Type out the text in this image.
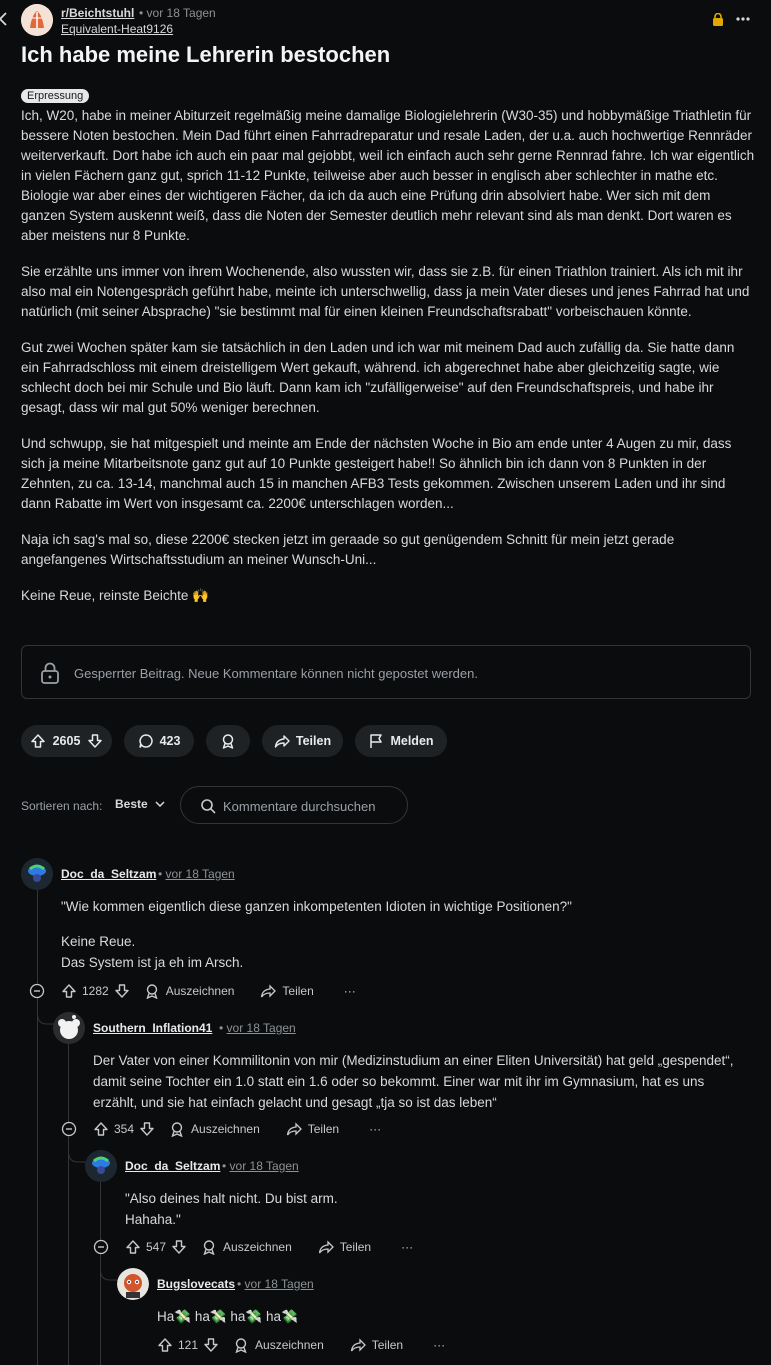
r/Beichtstuhl • vor 18 Tagen
Equivalent-Heat9126
Ich habe meine Lehrerin bestochen
Erpressung

Ich, W20, habe in meiner Abiturzeit regelmäßig meine damalige Biologielehrerin (W30-35) und hobbymäßige Triathletin für bessere Noten bestochen. Mein Dad führt einen Fahrradreparatur und resale Laden, der u.a. auch hochwertige Rennräder weiterverkauft. Dort habe ich auch ein paar mal gejobbt, weil ich einfach auch sehr gerne Rennrad fahre. Ich war eigentlich in vielen Fächern ganz gut, sprich 11-12 Punkte, teilweise aber auch besser in englisch aber schlechter in mathe etc. Biologie war aber eines der wichtigeren Fächer, da ich da auch eine Prüfung drin absolviert habe. Wer sich mit dem ganzen System auskennt weiß, dass die Noten der Semester deutlich mehr relevant sind als man denkt. Dort waren es aber meistens nur 8 Punkte.

Sie erzählte uns immer von ihrem Wochenende, also wussten wir, dass sie z.B. für einen Triathlon trainiert. Als ich mit ihr also mal ein Notengespräch geführt habe, meinte ich unterschwellig, dass ja mein Vater dieses und jenes Fahrrad hat und natürlich (mit seiner Absprache) "sie bestimmt mal für einen kleinen Freundschaftsrabatt" vorbeischauen könnte.

Gut zwei Wochen später kam sie tatsächlich in den Laden und ich war mit meinem Dad auch zufällig da. Sie hatte dann ein Fahrradschloss mit einem dreistelligem Wert gekauft, während. ich abgerechnet habe aber gleichzeitig sagte, wie schlecht doch bei mir Schule und Bio läuft. Dann kam ich "zufälligerweise" auf den Freundschaftspreis, und habe ihr gesagt, dass wir mal gut 50% weniger berechnen.

Und schwupp, sie hat mitgespielt und meinte am Ende der nächsten Woche in Bio am ende unter 4 Augen zu mir, dass sich ja meine Mitarbeitsnote ganz gut auf 10 Punkte gesteigert habe!! So ähnlich bin ich dann von 8 Punkten in der Zehnten, zu ca. 13-14, manchmal auch 15 in manchen AFB3 Tests gekommen. Zwischen unserem Laden und ihr sind dann Rabatte im Wert von insgesamt ca. 2200€ unterschlagen worden...

Naja ich sag's mal so, diese 2200€ stecken jetzt im geraade so gut genügendem Schnitt für mein jetzt gerade angefangenes Wirtschaftsstudium an meiner Wunsch-Uni...

Keine Reue, reinste Beichte 🙌

Gesperrter Beitrag. Neue Kommentare können nicht gepostet werden.
2605	423	Teilen	Melden
Sortieren nach: Beste	Kommentare durchsuchen
Doc_da_Seltzam • vor 18 Tagen
"Wie kommen eigentlich diese ganzen inkompetenten Idioten in wichtige Positionen?"
Keine Reue.
Das System ist ja eh im Arsch.
1282	Auszeichnen	Teilen	···
Southern_Inflation41 • vor 18 Tagen
Der Vater von einer Kommilitonin von mir (Medizinstudium an einer Eliten Universität) hat geld „gespendet“, damit seine Tochter ein 1.0 statt ein 1.6 oder so bekommt. Einer war mit ihr im Gymnasium, hat es uns erzählt, und sie hat einfach gelacht und gesagt „tja so ist das leben“
354	Auszeichnen	Teilen	···
Doc_da_Seltzam • vor 18 Tagen
"Also deines halt nicht. Du bist arm.
Hahaha."
547	Auszeichnen	Teilen	···
Bugslovecats • vor 18 Tagen
Ha💸 ha💸 ha💸 ha💸
121	Auszeichnen	Teilen	···
